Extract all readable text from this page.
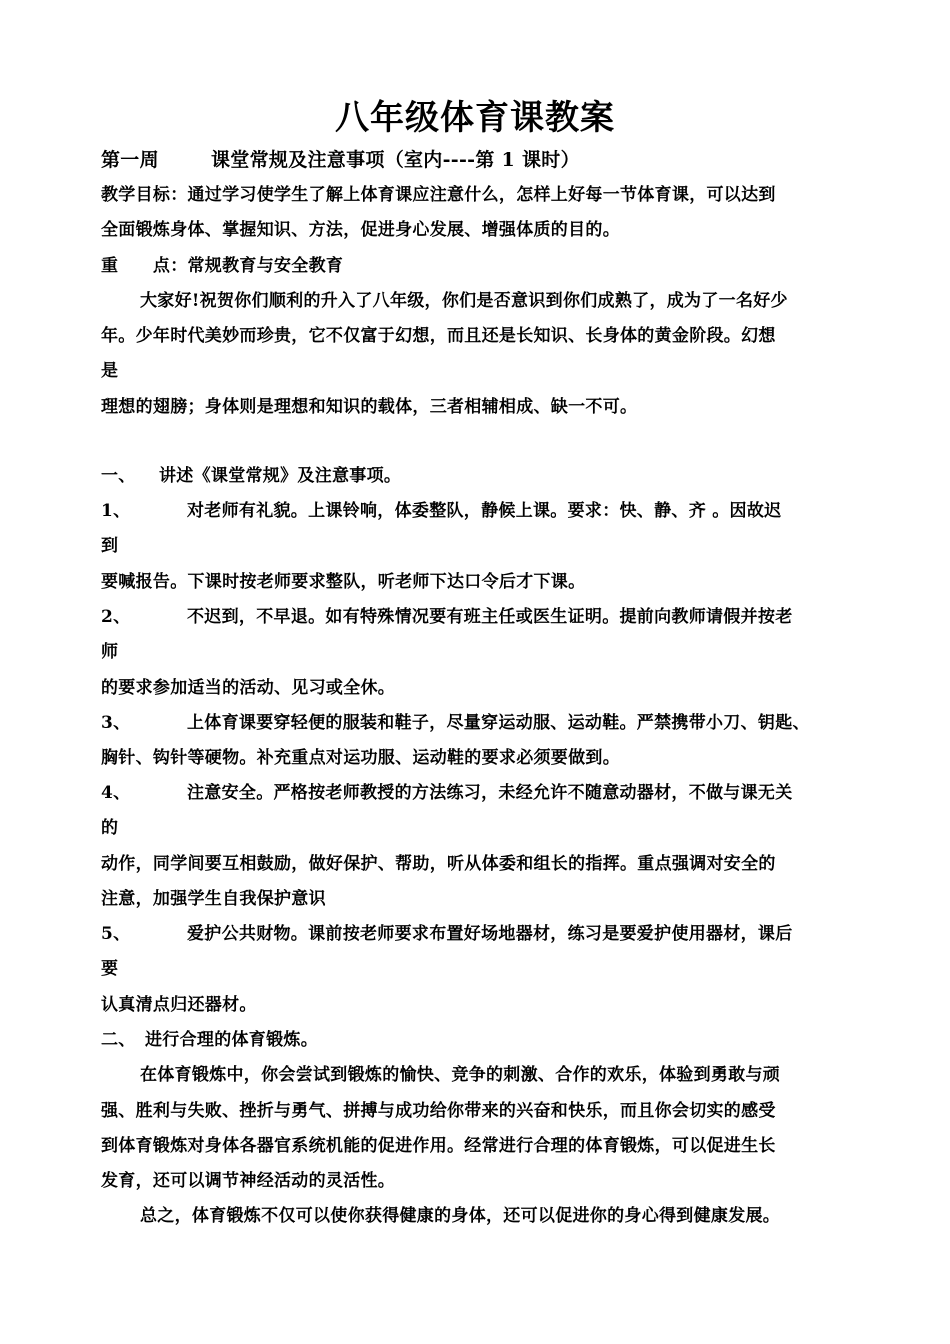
八年级体育课教案
第一周	课堂常规及注意事项（室内----第 1 课时）
教学目标：通过学习使学生了解上体育课应注意什么，怎样上好每一节体育课，可以达到
全面锻炼身体、掌握知识、方法，促进身心发展、增强体质的目的。
重　　点：常规教育与安全教育
大家好!祝贺你们顺利的升入了八年级，你们是否意识到你们成熟了，成为了一名好少
年。少年时代美妙而珍贵，它不仅富于幻想，而且还是长知识、长身体的黄金阶段。幻想
是
理想的翅膀；身体则是理想和知识的载体，三者相辅相成、缺一不可。
一、 讲述《课堂常规》及注意事项。
1、	对老师有礼貌。上课铃响，体委整队，静候上课。要求：快、静、齐 。因故迟
到
要喊报告。下课时按老师要求整队，听老师下达口令后才下课。
2、	不迟到，不早退。如有特殊情况要有班主任或医生证明。提前向教师请假并按老
师
的要求参加适当的活动、见习或全休。
3、	上体育课要穿轻便的服装和鞋子，尽量穿运动服、运动鞋。严禁携带小刀、钥匙、
胸针、钩针等硬物。补充重点对运功服、运动鞋的要求必须要做到。
4、	注意安全。严格按老师教授的方法练习，未经允许不随意动器材，不做与课无关
的
动作，同学间要互相鼓励，做好保护、帮助，听从体委和组长的指挥。重点强调对安全的
注意，加强学生自我保护意识
5、	爱护公共财物。课前按老师要求布置好场地器材，练习是要爱护使用器材，课后
要
认真清点归还器材。
二、 进行合理的体育锻炼。
在体育锻炼中，你会尝试到锻炼的愉快、竞争的刺激、合作的欢乐，体验到勇敢与顽
强、胜利与失败、挫折与勇气、拼搏与成功给你带来的兴奋和快乐，而且你会切实的感受
到体育锻炼对身体各器官系统机能的促进作用。经常进行合理的体育锻炼，可以促进生长
发育，还可以调节神经活动的灵活性。
总之，体育锻炼不仅可以使你获得健康的身体，还可以促进你的身心得到健康发展。
